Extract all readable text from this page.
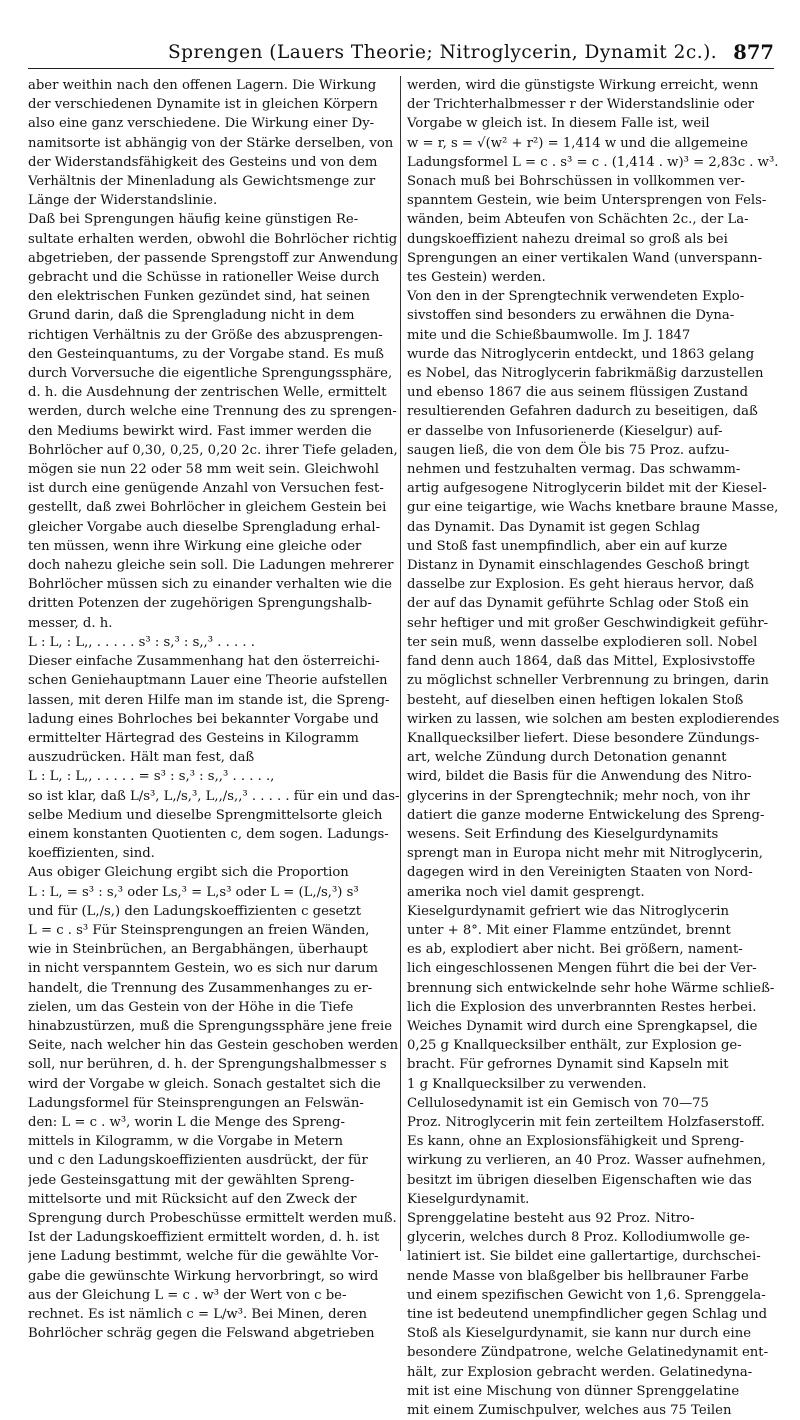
Sprengen (Lauers Theorie; Nitroglycerin, Dynamit 2c.). 877

aber weithin nach den offenen Lagern. Die Wirkung

der verschiedenen Dynamite ist in gleichen Körpern

also eine ganz verschiedene. Die Wirkung einer Dy-

namitsorte ist abhängig von der Stärke derselben, von

der Widerstandsfähigkeit des Gesteins und von dem

Verhältnis der Minenladung als Gewichtsmenge zur

Länge der Widerstandslinie.

Daß bei Sprengungen häufig keine günstigen Re-

sultate erhalten werden, obwohl die Bohrlöcher richtig

abgetrieben, der passende Sprengstoff zur Anwendung

gebracht und die Schüsse in rationeller Weise durch

den elektrischen Funken gezündet sind, hat seinen

Grund darin, daß die Sprengladung nicht in dem

richtigen Verhältnis zu der Größe des abzusprengen-

den Gesteinquantums, zu der Vorgabe stand. Es muß

durch Vorversuche die eigentliche Sprengungssphäre,

d. h. die Ausdehnung der zentrischen Welle, ermittelt

werden, durch welche eine Trennung des zu sprengen-

den Mediums bewirkt wird. Fast immer werden die

Bohrlöcher auf 0,30, 0,25, 0,20 2c. ihrer Tiefe geladen,

mögen sie nun 22 oder 58 mm weit sein. Gleichwohl

ist durch eine genügende Anzahl von Versuchen fest-

gestellt, daß zwei Bohrlöcher in gleichem Gestein bei

gleicher Vorgabe auch dieselbe Sprengladung erhal-

ten müssen, wenn ihre Wirkung eine gleiche oder

doch nahezu gleiche sein soll. Die Ladungen mehrerer

Bohrlöcher müssen sich zu einander verhalten wie die

dritten Potenzen der zugehörigen Sprengungshalb-

messer, d. h.

L : L, : L,, . . . . . s³ : s,³ : s,,³ . . . . .

Dieser einfache Zusammenhang hat den österreichi-

schen Geniehauptmann Lauer eine Theorie aufstellen

lassen, mit deren Hilfe man im stande ist, die Spreng-

ladung eines Bohrloches bei bekannter Vorgabe und

ermittelter Härtegrad des Gesteins in Kilogramm

auszudrücken. Hält man fest, daß

L : L, : L,, . . . . . = s³ : s,³ : s,,³ . . . . .,

so ist klar, daß L/s³, L,/s,³, L,,/s,,³ . . . . . für ein und das-

selbe Medium und dieselbe Sprengmittelsorte gleich

einem konstanten Quotienten c, dem sogen. Ladungs-

koeffizienten, sind.

Aus obiger Gleichung ergibt sich die Proportion

L : L, = s³ : s,³ oder Ls,³ = L,s³ oder L = (L,/s,³) s³

und für (L,/s,) den Ladungskoeffizienten c gesetzt

L = c . s³ Für Steinsprengungen an freien Wänden,

wie in Steinbrüchen, an Bergabhängen, überhaupt

in nicht verspanntem Gestein, wo es sich nur darum

handelt, die Trennung des Zusammenhanges zu er-

zielen, um das Gestein von der Höhe in die Tiefe

hinabzustürzen, muß die Sprengungssphäre jene freie

Seite, nach welcher hin das Gestein geschoben werden

soll, nur berühren, d. h. der Sprengungshalbmesser s

wird der Vorgabe w gleich. Sonach gestaltet sich die

Ladungsformel für Steinsprengungen an Felswän-

den: L = c . w³, worin L die Menge des Spreng-

mittels in Kilogramm, w die Vorgabe in Metern

und c den Ladungskoeffizienten ausdrückt, der für

jede Gesteinsgattung mit der gewählten Spreng-

mittelsorte und mit Rücksicht auf den Zweck der

Sprengung durch Probeschüsse ermittelt werden muß.

Ist der Ladungskoeffizient ermittelt worden, d. h. ist

jene Ladung bestimmt, welche für die gewählte Vor-

gabe die gewünschte Wirkung hervorbringt, so wird

aus der Gleichung L = c . w³ der Wert von c be-

rechnet. Es ist nämlich c = L/w³. Bei Minen, deren

Bohrlöcher schräg gegen die Felswand abgetrieben

werden, wird die günstigste Wirkung erreicht, wenn

der Trichterhalbmesser r der Widerstandslinie oder

Vorgabe w gleich ist. In diesem Falle ist, weil

w = r, s = √(w² + r²) = 1,414 w und die allgemeine

Ladungsformel L = c . s³ = c . (1,414 . w)³ = 2,83c . w³.

Sonach muß bei Bohrschüssen in vollkommen ver-

spanntem Gestein, wie beim Untersprengen von Fels-

wänden, beim Abteufen von Schächten 2c., der La-

dungskoeffizient nahezu dreimal so groß als bei

Sprengungen an einer vertikalen Wand (unverspann-

tes Gestein) werden.

Von den in der Sprengtechnik verwendeten Explo-

sivstoffen sind besonders zu erwähnen die Dyna-

mite und die Schießbaumwolle. Im J. 1847

wurde das Nitroglycerin entdeckt, und 1863 gelang

es Nobel, das Nitroglycerin fabrikmäßig darzustellen

und ebenso 1867 die aus seinem flüssigen Zustand

resultierenden Gefahren dadurch zu beseitigen, daß

er dasselbe von Infusorienerde (Kieselgur) auf-

saugen ließ, die von dem Öle bis 75 Proz. aufzu-

nehmen und festzuhalten vermag. Das schwamm-

artig aufgesogene Nitroglycerin bildet mit der Kiesel-

gur eine teigartige, wie Wachs knetbare braune Masse,

das Dynamit. Das Dynamit ist gegen Schlag

und Stoß fast unempfindlich, aber ein auf kurze

Distanz in Dynamit einschlagendes Geschoß bringt

dasselbe zur Explosion. Es geht hieraus hervor, daß

der auf das Dynamit geführte Schlag oder Stoß ein

sehr heftiger und mit großer Geschwindigkeit geführ-

ter sein muß, wenn dasselbe explodieren soll. Nobel

fand denn auch 1864, daß das Mittel, Explosivstoffe

zu möglichst schneller Verbrennung zu bringen, darin

besteht, auf dieselben einen heftigen lokalen Stoß

wirken zu lassen, wie solchen am besten explodierendes

Knallquecksilber liefert. Diese besondere Zündungs-

art, welche Zündung durch Detonation genannt

wird, bildet die Basis für die Anwendung des Nitro-

glycerins in der Sprengtechnik; mehr noch, von ihr

datiert die ganze moderne Entwickelung des Spreng-

wesens. Seit Erfindung des Kieselgurdynamits

sprengt man in Europa nicht mehr mit Nitroglycerin,

dagegen wird in den Vereinigten Staaten von Nord-

amerika noch viel damit gesprengt.

Kieselgurdynamit gefriert wie das Nitroglycerin

unter + 8°. Mit einer Flamme entzündet, brennt

es ab, explodiert aber nicht. Bei größern, nament-

lich eingeschlossenen Mengen führt die bei der Ver-

brennung sich entwickelnde sehr hohe Wärme schließ-

lich die Explosion des unverbrannten Restes herbei.

Weiches Dynamit wird durch eine Sprengkapsel, die

0,25 g Knallquecksilber enthält, zur Explosion ge-

bracht. Für gefrornes Dynamit sind Kapseln mit

1 g Knallquecksilber zu verwenden.

Cellulosedynamit ist ein Gemisch von 70—75

Proz. Nitroglycerin mit fein zerteiltem Holzfaserstoff.

Es kann, ohne an Explosionsfähigkeit und Spreng-

wirkung zu verlieren, an 40 Proz. Wasser aufnehmen,

besitzt im übrigen dieselben Eigenschaften wie das

Kieselgurdynamit.

Sprenggelatine besteht aus 92 Proz. Nitro-

glycerin, welches durch 8 Proz. Kollodiumwolle ge-

latiniert ist. Sie bildet eine gallertartige, durchschei-

nende Masse von blaßgelber bis hellbrauner Farbe

und einem spezifischen Gewicht von 1,6. Sprenggela-

tine ist bedeutend unempfindlicher gegen Schlag und

Stoß als Kieselgurdynamit, sie kann nur durch eine

besondere Zündpatrone, welche Gelatinedynamit ent-

hält, zur Explosion gebracht werden. Gelatinedyna-

mit ist eine Mischung von dünner Sprenggelatine

mit einem Zumischpulver, welches aus 75 Teilen
